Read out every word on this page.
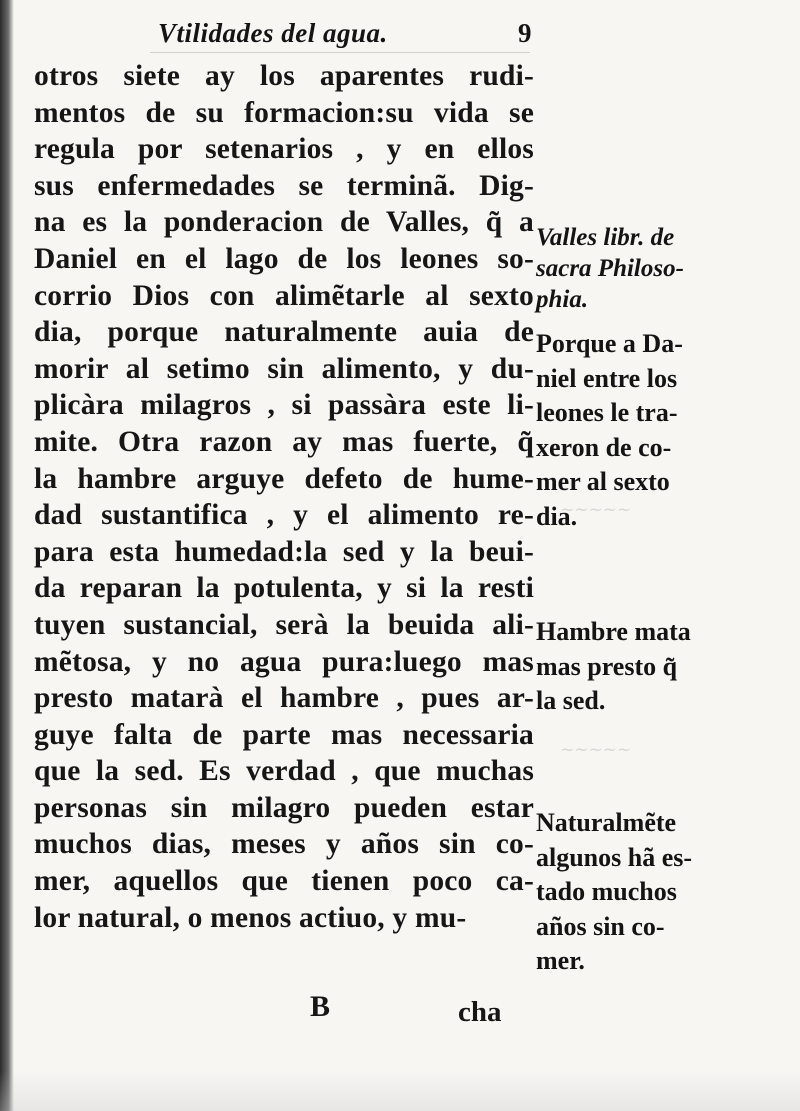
~~~~~
~~~~~
Vtilidades del agua.	9
otros siete ay los aparentes rudi-
mentos de su formacion:su vida se
regula por setenarios , y en ellos
sus enfermedades se terminã. Dig-
na es la ponderacion de Valles, q̃ a
Daniel en el lago de los leones so-
corrio Dios con alimẽtarle al sexto
dia, porque naturalmente auia de
morir al setimo sin alimento, y du-
plicàra milagros , si passàra este li-
mite. Otra razon ay mas fuerte, q̃
la hambre arguye defeto de hume-
dad sustantifica , y el alimento re-
para esta humedad:la sed y la beui-
da reparan la potulenta, y si la resti
tuyen sustancial, serà la beuida ali-
mẽtosa, y no agua pura:luego mas
presto matarà el hambre , pues ar-
guye falta de parte mas necessaria
que la sed. Es verdad , que muchas
personas sin milagro pueden estar
muchos dias, meses y años sin co-
mer, aquellos que tienen poco ca-
lor natural, o menos actiuo, y mu-
Valles libr. de
sacra Philoso-
phia.
Porque a Da-
niel entre los
leones le tra-
xeron de co-
mer al sexto
dia.
Hambre mata
mas presto q̃
la sed.
Naturalmẽte
algunos hã es-
tado muchos
años sin co-
mer.
B	cha
